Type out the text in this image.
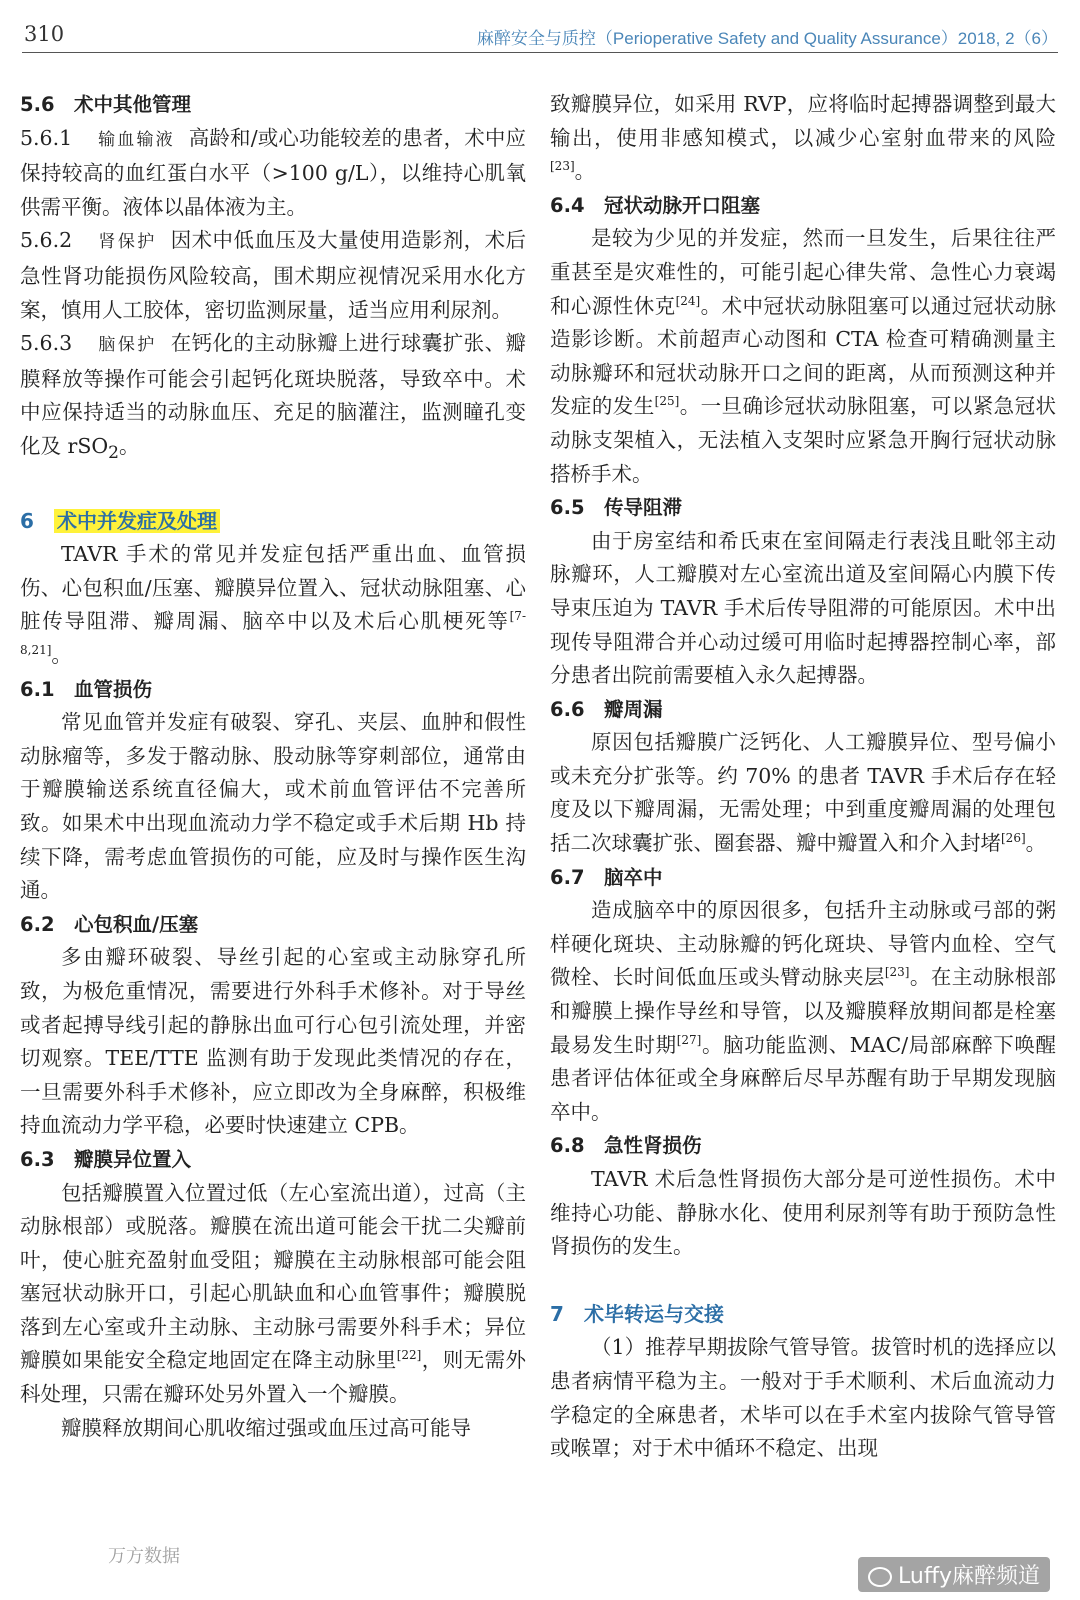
310	麻醉安全与质控（Perioperative Safety and Quality Assurance）2018, 2（6）

5.6 术中其他管理

5.6.1 输血输液 高龄和/或心功能较差的患者，术中应保持较高的血红蛋白水平（>100 g/L），以维持心肌氧供需平衡。液体以晶体液为主。

5.6.2 肾保护 因术中低血压及大量使用造影剂，术后急性肾功能损伤风险较高，围术期应视情况采用水化方案，慎用人工胶体，密切监测尿量，适当应用利尿剂。

5.6.3 脑保护 在钙化的主动脉瓣上进行球囊扩张、瓣膜释放等操作可能会引起钙化斑块脱落，导致卒中。术中应保持适当的动脉血压、充足的脑灌注，监测瞳孔变化及 rSO$_2$。

6 术中并发症及处理

TAVR 手术的常见并发症包括严重出血、血管损伤、心包积血/压塞、瓣膜异位置入、冠状动脉阻塞、心脏传导阻滞、瓣周漏、脑卒中以及术后心肌梗死等[7-8,21]。

6.1 血管损伤

常见血管并发症有破裂、穿孔、夹层、血肿和假性动脉瘤等，多发于髂动脉、股动脉等穿刺部位，通常由于瓣膜输送系统直径偏大，或术前血管评估不完善所致。如果术中出现血流动力学不稳定或手术后期 Hb 持续下降，需考虑血管损伤的可能，应及时与操作医生沟通。

6.2 心包积血/压塞

多由瓣环破裂、导丝引起的心室或主动脉穿孔所致，为极危重情况，需要进行外科手术修补。对于导丝或者起搏导线引起的静脉出血可行心包引流处理，并密切观察。TEE/TTE 监测有助于发现此类情况的存在，一旦需要外科手术修补，应立即改为全身麻醉，积极维持血流动力学平稳，必要时快速建立 CPB。

6.3 瓣膜异位置入

包括瓣膜置入位置过低（左心室流出道），过高（主动脉根部）或脱落。瓣膜在流出道可能会干扰二尖瓣前叶，使心脏充盈射血受阻；瓣膜在主动脉根部可能会阻塞冠状动脉开口，引起心肌缺血和心血管事件；瓣膜脱落到左心室或升主动脉、主动脉弓需要外科手术；异位瓣膜如果能安全稳定地固定在降主动脉里[22]，则无需外科处理，只需在瓣环处另外置入一个瓣膜。

瓣膜释放期间心肌收缩过强或血压过高可能导

致瓣膜异位，如采用 RVP，应将临时起搏器调整到最大输出，使用非感知模式，以减少心室射血带来的风险[23]。

6.4 冠状动脉开口阻塞

是较为少见的并发症，然而一旦发生，后果往往严重甚至是灾难性的，可能引起心律失常、急性心力衰竭和心源性休克[24]。术中冠状动脉阻塞可以通过冠状动脉造影诊断。术前超声心动图和 CTA 检查可精确测量主动脉瓣环和冠状动脉开口之间的距离，从而预测这种并发症的发生[25]。一旦确诊冠状动脉阻塞，可以紧急冠状动脉支架植入，无法植入支架时应紧急开胸行冠状动脉搭桥手术。

6.5 传导阻滞

由于房室结和希氏束在室间隔走行表浅且毗邻主动脉瓣环，人工瓣膜对左心室流出道及室间隔心内膜下传导束压迫为 TAVR 手术后传导阻滞的可能原因。术中出现传导阻滞合并心动过缓可用临时起搏器控制心率，部分患者出院前需要植入永久起搏器。

6.6 瓣周漏

原因包括瓣膜广泛钙化、人工瓣膜异位、型号偏小或未充分扩张等。约 70% 的患者 TAVR 手术后存在轻度及以下瓣周漏，无需处理；中到重度瓣周漏的处理包括二次球囊扩张、圈套器、瓣中瓣置入和介入封堵[26]。

6.7 脑卒中

造成脑卒中的原因很多，包括升主动脉或弓部的粥样硬化斑块、主动脉瓣的钙化斑块、导管内血栓、空气微栓、长时间低血压或头臂动脉夹层[23]。在主动脉根部和瓣膜上操作导丝和导管，以及瓣膜释放期间都是栓塞最易发生时期[27]。脑功能监测、MAC/局部麻醉下唤醒患者评估体征或全身麻醉后尽早苏醒有助于早期发现脑卒中。

6.8 急性肾损伤

TAVR 术后急性肾损伤大部分是可逆性损伤。术中维持心功能、静脉水化、使用利尿剂等有助于预防急性肾损伤的发生。

7 术毕转运与交接

（1）推荐早期拔除气管导管。拔管时机的选择应以患者病情平稳为主。一般对于手术顺利、术后血流动力学稳定的全麻患者，术毕可以在手术室内拔除气管导管或喉罩；对于术中循环不稳定、出现

万方数据
Luffy麻醉频道
